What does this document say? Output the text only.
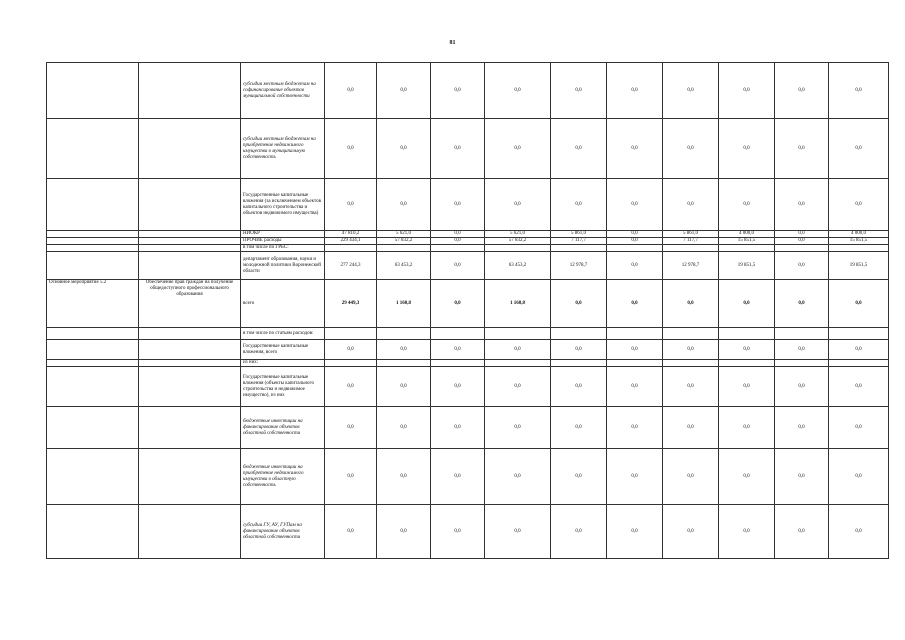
81
		субсидии местным бюджетам на софинансирование объектов муниципальной собственности	0,0	0,0	0,0	0,0	0,0	0,0	0,0	0,0	0,0	0,0
		субсидии местным бюджетам на приобретение недвижимого имущества в муниципальную собственность	0,0	0,0	0,0	0,0	0,0	0,0	0,0	0,0	0,0	0,0
		Государственные капитальные вложения (за исключением объектов капитального строительства и объектов недвижимого имущества)	0,0	0,0	0,0	0,0	0,0	0,0	0,0	0,0	0,0	0,0
		НИОКР	47 810,2	5 621,0	0,0	5 621,0	5 861,0	0,0	5 861,0	4 000,0	0,0	4 000,0
		ПРОЧИЕ расходы	229 434,1	57 832,2	0,0	57 832,2	7 117,7	0,0	7 117,7	15 851,5	0,0	15 851,5
		в том числе по ГРБС:										
		департамент образования, науки и молодежной политики Воронежской области	277 244,3	63 453,2	0,0	63 453,2	12 978,7	0,0	12 978,7	19 851,5	0,0	19 851,5

Основное мероприятие 5.2	Обеспечение прав граждан на получение общедоступного профессионального образования	всего	29 449,3	1 160,8	0,0	1 160,8	0,0	0,0	0,0	0,0	0,0	0,0
		в том числе по статьям расходов:										
		Государственные капитальные вложения, всего	0,0	0,0	0,0	0,0	0,0	0,0	0,0	0,0	0,0	0,0
		из них:										
		Государственные капитальные вложения (объекты капитального строительства и недвижимое имущество), из них	0,0	0,0	0,0	0,0	0,0	0,0	0,0	0,0	0,0	0,0
		бюджетные инвестиции на финансирование объектов областной собственности	0,0	0,0	0,0	0,0	0,0	0,0	0,0	0,0	0,0	0,0
		бюджетные инвестиции на приобретение недвижимого имущества в областную собственность	0,0	0,0	0,0	0,0	0,0	0,0	0,0	0,0	0,0	0,0
		субсидии ГУ, АУ, ГУПам на финансирование объектов областной собственности	0,0	0,0	0,0	0,0	0,0	0,0	0,0	0,0	0,0	0,0
